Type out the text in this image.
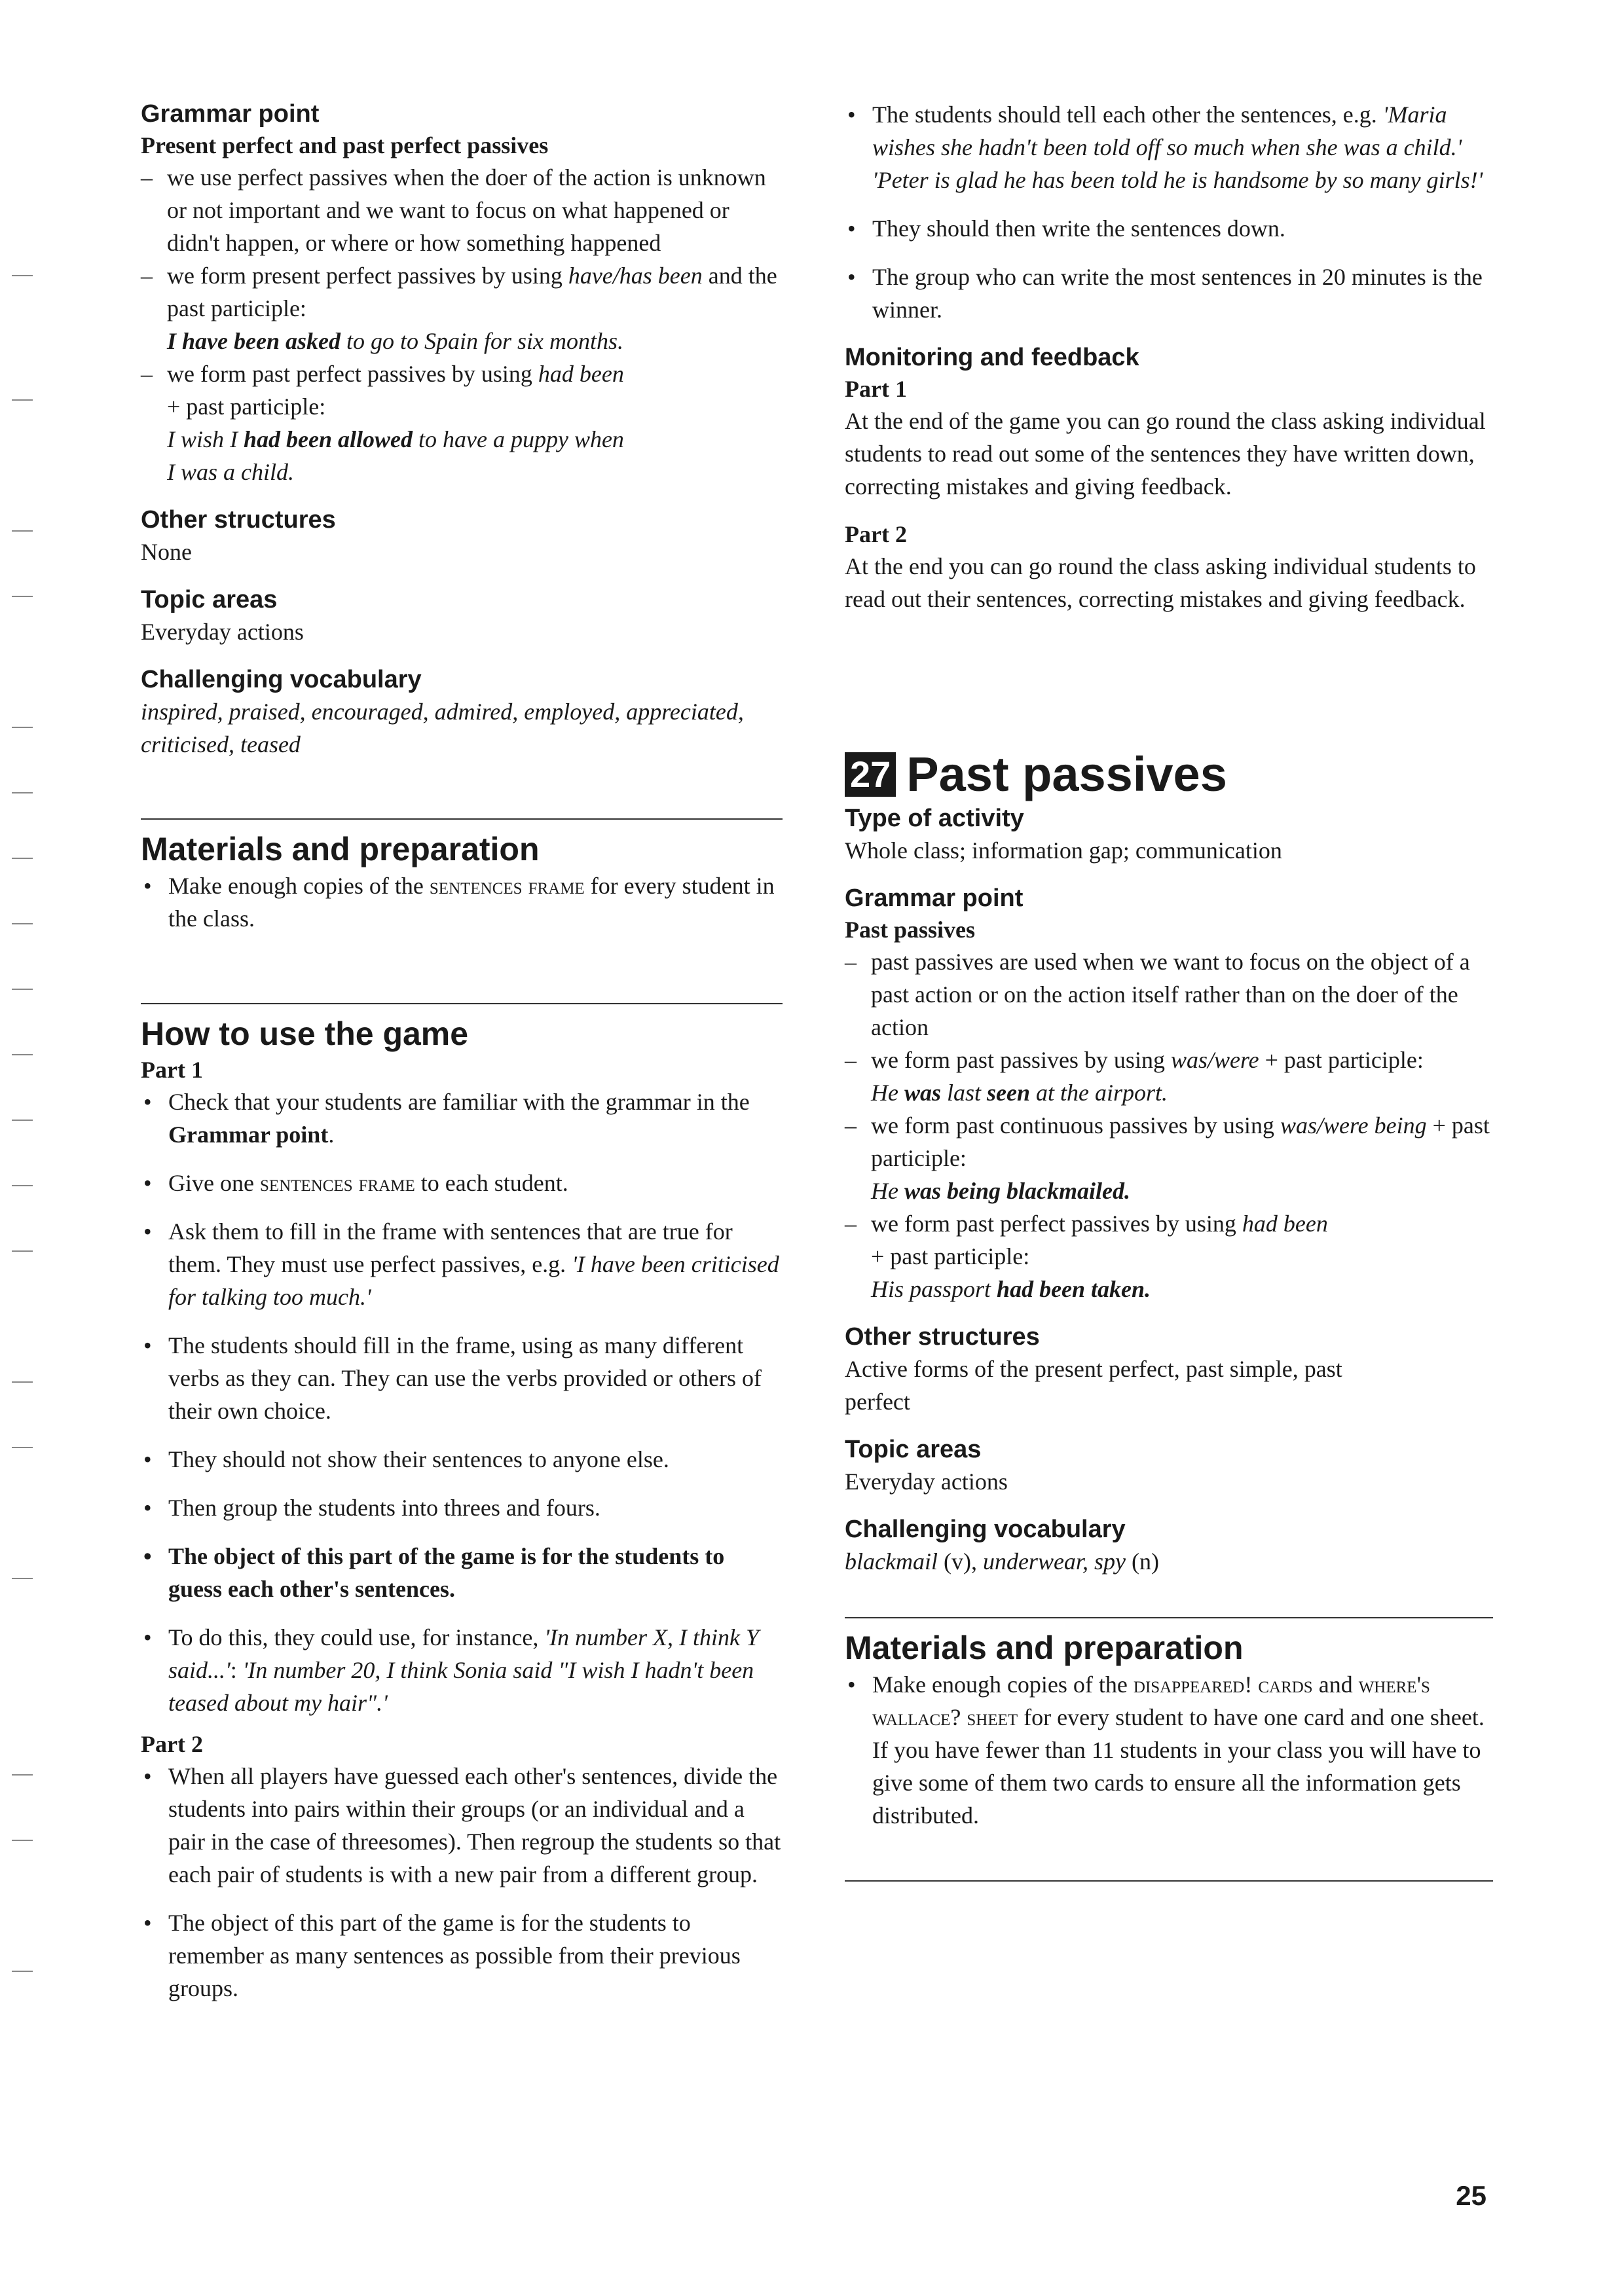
Grammar point

Present perfect and past perfect passives

– we use perfect passives when the doer of the action is unknown or not important and we want to focus on what happened or didn't happen, or where or how something happened
– we form present perfect passives by using have/has been and the past participle:
I have been asked to go to Spain for six months.
– we form past perfect passives by using had been
+ past participle:
I wish I had been allowed to have a puppy when
I was a child.

Other structures

None

Topic areas

Everyday actions

Challenging vocabulary

inspired, praised, encouraged, admired, employed, appreciated, criticised, teased

Materials and preparation

• Make enough copies of the sentences frame for every student in the class.

How to use the game

Part 1

• Check that your students are familiar with the grammar in the Grammar point.
• Give one sentences frame to each student.
• Ask them to fill in the frame with sentences that are true for them. They must use perfect passives, e.g. 'I have been criticised for talking too much.'
• The students should fill in the frame, using as many different verbs as they can. They can use the verbs provided or others of their own choice.
• They should not show their sentences to anyone else.
• Then group the students into threes and fours.
• The object of this part of the game is for the students to guess each other's sentences.
• To do this, they could use, for instance, 'In number X, I think Y said...': 'In number 20, I think Sonia said "I wish I hadn't been teased about my hair".'

Part 2

• When all players have guessed each other's sentences, divide the students into pairs within their groups (or an individual and a pair in the case of threesomes). Then regroup the students so that each pair of students is with a new pair from a different group.
• The object of this part of the game is for the students to remember as many sentences as possible from their previous groups.
• The students should tell each other the sentences, e.g. 'Maria wishes she hadn't been told off so much when she was a child.' 'Peter is glad he has been told he is handsome by so many girls!'
• They should then write the sentences down.
• The group who can write the most sentences in 20 minutes is the winner.

Monitoring and feedback

Part 1

At the end of the game you can go round the class asking individual students to read out some of the sentences they have written down, correcting mistakes and giving feedback.

Part 2

At the end you can go round the class asking individual students to read out their sentences, correcting mistakes and giving feedback.

27 Past passives

Type of activity

Whole class; information gap; communication

Grammar point

Past passives

– past passives are used when we want to focus on the object of a past action or on the action itself rather than on the doer of the action
– we form past passives by using was/were + past participle:
He was last seen at the airport.
– we form past continuous passives by using was/were being + past participle:
He was being blackmailed.
– we form past perfect passives by using had been
+ past participle:
His passport had been taken.

Other structures

Active forms of the present perfect, past simple, past perfect

Topic areas

Everyday actions

Challenging vocabulary

blackmail (v), underwear, spy (n)

Materials and preparation

• Make enough copies of the disappeared! cards and where's wallace? sheet for every student to have one card and one sheet. If you have fewer than 11 students in your class you will have to give some of them two cards to ensure all the information gets distributed.
25
